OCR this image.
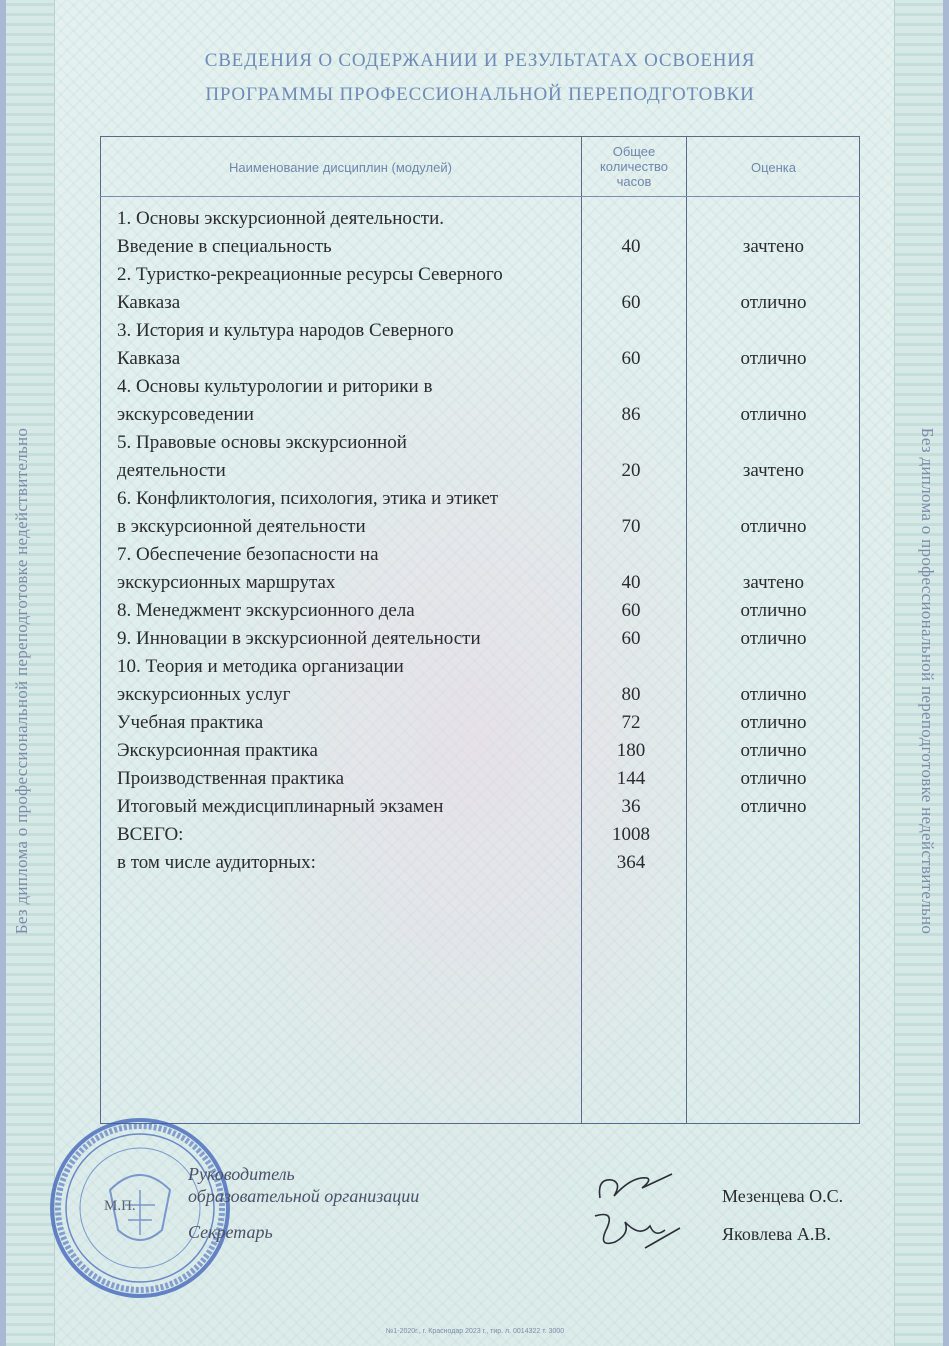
Без диплома о профессиональной переподготовке недействительно	Без диплома о профессиональной переподготовке недействительно
СВЕДЕНИЯ О СОДЕРЖАНИИ И РЕЗУЛЬТАТАХ ОСВОЕНИЯ
ПРОГРАММЫ ПРОФЕССИОНАЛЬНОЙ ПЕРЕПОДГОТОВКИ
Наименование дисциплин (модулей)
Общее
количество
часов
Оценка
1. Основы экскурсионной деятельности.
Введение в специальность	40	зачтено
2. Туристко-рекреационные ресурсы Северного
Кавказа	60	отлично
3. История и культура народов Северного
Кавказа	60	отлично
4. Основы культурологии и риторики в
экскурсоведении	86	отлично
5. Правовые основы экскурсионной
деятельности	20	зачтено
6. Конфликтология, психология, этика и этикет
в экскурсионной деятельности	70	отлично
7. Обеспечение безопасности на
экскурсионных маршрутах	40	зачтено
8. Менеджмент экскурсионного дела	60	отлично
9. Инновации в экскурсионной деятельности	60	отлично
10. Теория и методика организации
экскурсионных услуг	80	отлично
Учебная практика	72	отлично
Экскурсионная практика	180	отлично
Производственная практика	144	отлично
Итоговый междисциплинарный экзамен	36	отлично
ВСЕГО:	1008
в том числе аудиторных:	364
М.П.
Руководитель
образовательной организации
Секретарь
Мезенцева О.С.
Яковлева А.В.
№1-2020г., г. Краснодар 2023 г., тир. л. 0014322 т. 3000
